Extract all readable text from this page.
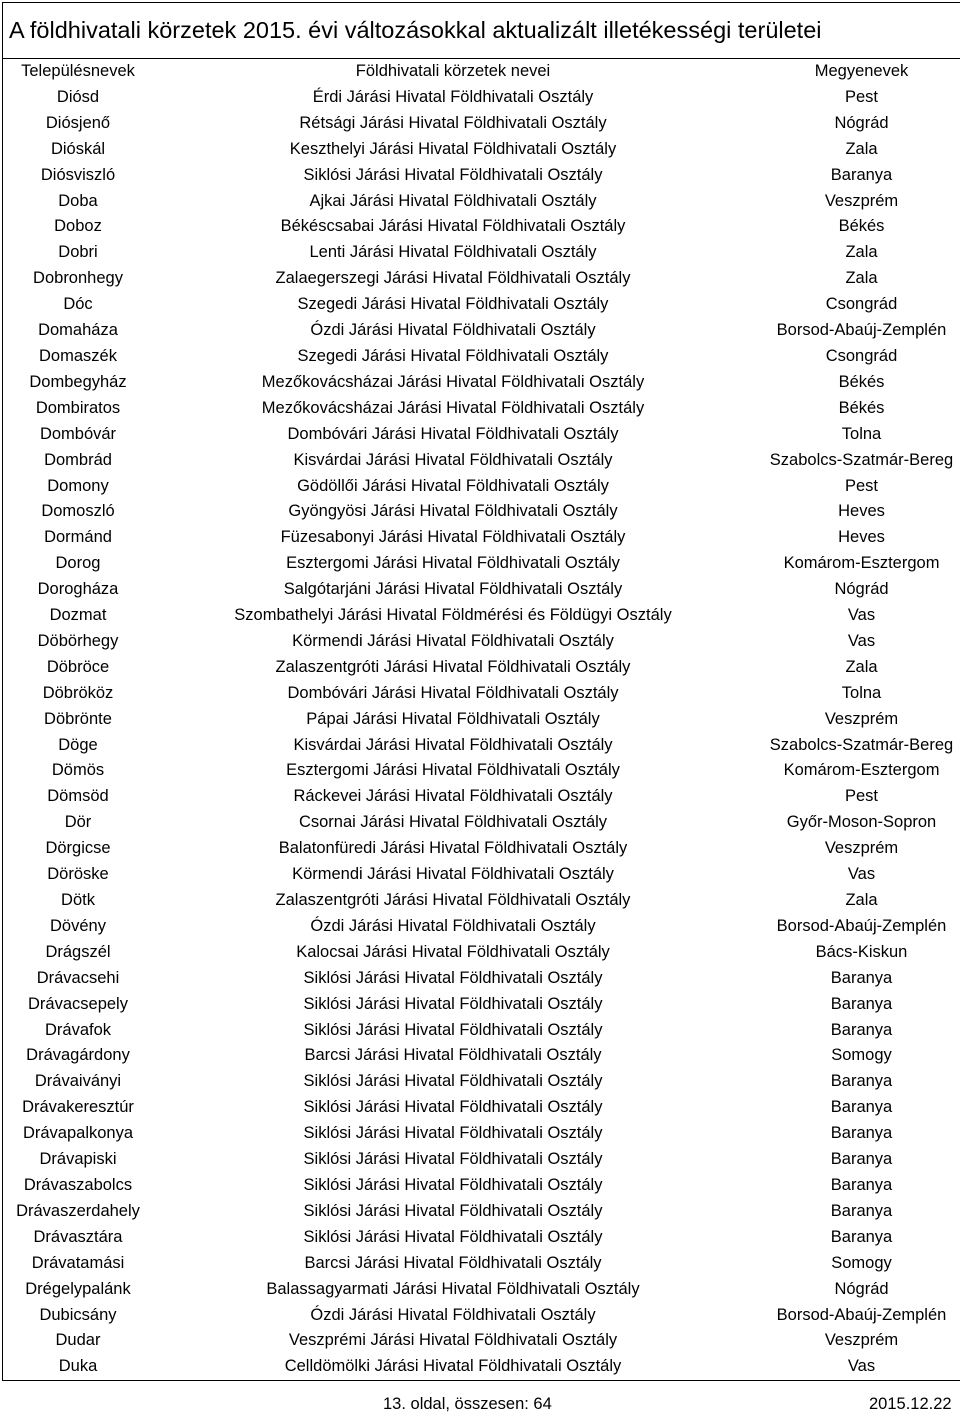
A földhivatali körzetek 2015. évi változásokkal aktualizált illetékességi területei
Településnevek	Földhivatali körzetek nevei	Megyenevek
Diósd	Érdi Járási Hivatal Földhivatali Osztály	Pest
Diósjenő	Rétsági Járási Hivatal Földhivatali Osztály	Nógrád
Dióskál	Keszthelyi Járási Hivatal Földhivatali Osztály	Zala
Diósviszló	Siklósi Járási Hivatal Földhivatali Osztály	Baranya
Doba	Ajkai Járási Hivatal Földhivatali Osztály	Veszprém
Doboz	Békéscsabai Járási Hivatal Földhivatali Osztály	Békés
Dobri	Lenti Járási Hivatal Földhivatali Osztály	Zala
Dobronhegy	Zalaegerszegi Járási Hivatal Földhivatali Osztály	Zala
Dóc	Szegedi Járási Hivatal Földhivatali Osztály	Csongrád
Domaháza	Ózdi Járási Hivatal Földhivatali Osztály	Borsod-Abaúj-Zemplén
Domaszék	Szegedi Járási Hivatal Földhivatali Osztály	Csongrád
Dombegyház	Mezőkovácsházai Járási Hivatal Földhivatali Osztály	Békés
Dombiratos	Mezőkovácsházai Járási Hivatal Földhivatali Osztály	Békés
Dombóvár	Dombóvári Járási Hivatal Földhivatali Osztály	Tolna
Dombrád	Kisvárdai Járási Hivatal Földhivatali Osztály	Szabolcs-Szatmár-Bereg
Domony	Gödöllői Járási Hivatal Földhivatali Osztály	Pest
Domoszló	Gyöngyösi Járási Hivatal Földhivatali Osztály	Heves
Dormánd	Füzesabonyi Járási Hivatal Földhivatali Osztály	Heves
Dorog	Esztergomi Járási Hivatal Földhivatali Osztály	Komárom-Esztergom
Dorogháza	Salgótarjáni Járási Hivatal Földhivatali Osztály	Nógrád
Dozmat	Szombathelyi Járási Hivatal Földmérési és Földügyi Osztály	Vas
Döbörhegy	Körmendi Járási Hivatal Földhivatali Osztály	Vas
Döbröce	Zalaszentgróti Járási Hivatal Földhivatali Osztály	Zala
Döbrököz	Dombóvári Járási Hivatal Földhivatali Osztály	Tolna
Döbrönte	Pápai Járási Hivatal Földhivatali Osztály	Veszprém
Döge	Kisvárdai Járási Hivatal Földhivatali Osztály	Szabolcs-Szatmár-Bereg
Dömös	Esztergomi Járási Hivatal Földhivatali Osztály	Komárom-Esztergom
Dömsöd	Ráckevei Járási Hivatal Földhivatali Osztály	Pest
Dör	Csornai Járási Hivatal Földhivatali Osztály	Győr-Moson-Sopron
Dörgicse	Balatonfüredi Járási Hivatal Földhivatali Osztály	Veszprém
Döröske	Körmendi Járási Hivatal Földhivatali Osztály	Vas
Dötk	Zalaszentgróti Járási Hivatal Földhivatali Osztály	Zala
Dövény	Ózdi Járási Hivatal Földhivatali Osztály	Borsod-Abaúj-Zemplén
Drágszél	Kalocsai Járási Hivatal Földhivatali Osztály	Bács-Kiskun
Drávacsehi	Siklósi Járási Hivatal Földhivatali Osztály	Baranya
Drávacsepely	Siklósi Járási Hivatal Földhivatali Osztály	Baranya
Drávafok	Siklósi Járási Hivatal Földhivatali Osztály	Baranya
Drávagárdony	Barcsi Járási Hivatal Földhivatali Osztály	Somogy
Drávaiványi	Siklósi Járási Hivatal Földhivatali Osztály	Baranya
Drávakeresztúr	Siklósi Járási Hivatal Földhivatali Osztály	Baranya
Drávapalkonya	Siklósi Járási Hivatal Földhivatali Osztály	Baranya
Drávapiski	Siklósi Járási Hivatal Földhivatali Osztály	Baranya
Drávaszabolcs	Siklósi Járási Hivatal Földhivatali Osztály	Baranya
Drávaszerdahely	Siklósi Járási Hivatal Földhivatali Osztály	Baranya
Drávasztára	Siklósi Járási Hivatal Földhivatali Osztály	Baranya
Drávatamási	Barcsi Járási Hivatal Földhivatali Osztály	Somogy
Drégelypalánk	Balassagyarmati Járási Hivatal Földhivatali Osztály	Nógrád
Dubicsány	Ózdi Járási Hivatal Földhivatali Osztály	Borsod-Abaúj-Zemplén
Dudar	Veszprémi Járási Hivatal Földhivatali Osztály	Veszprém
Duka	Celldömölki Járási Hivatal Földhivatali Osztály	Vas
13. oldal, összesen: 64	2015.12.22
